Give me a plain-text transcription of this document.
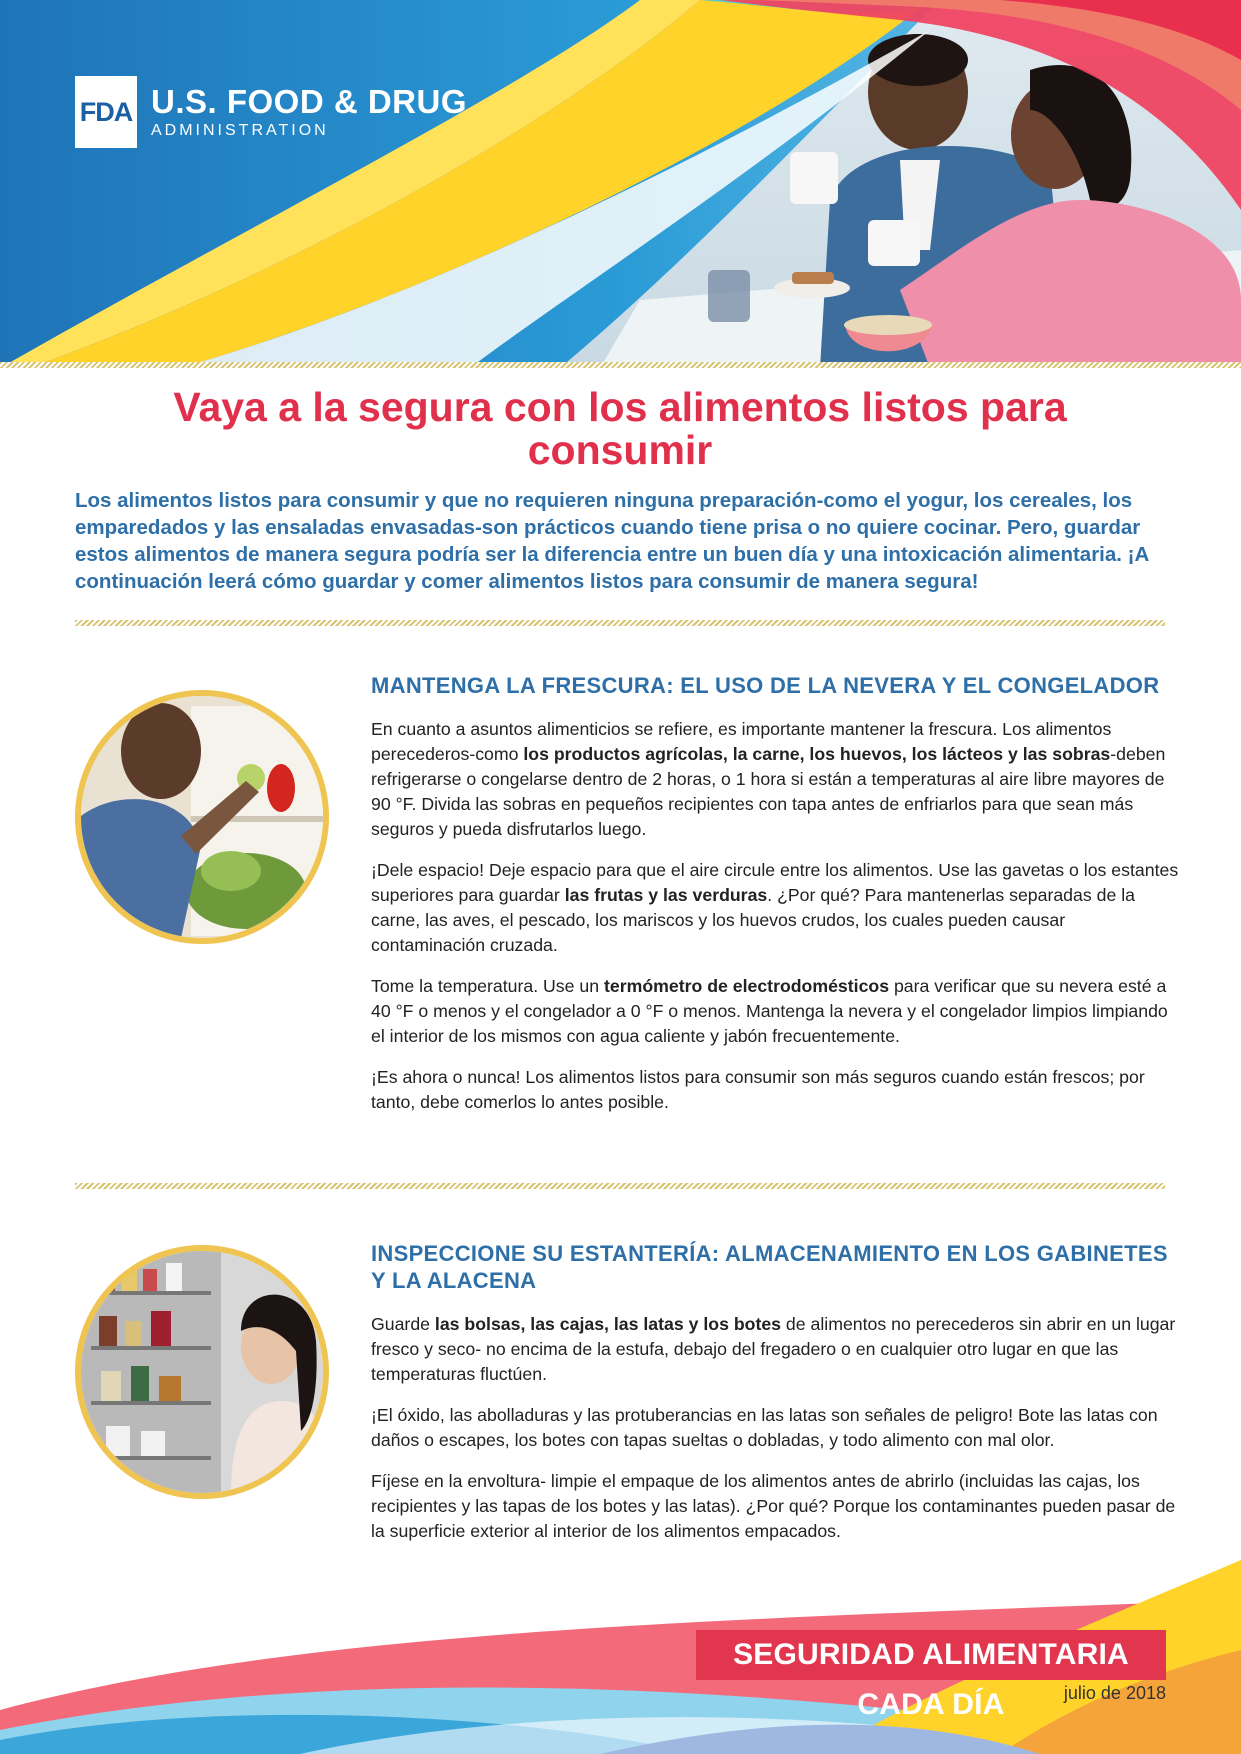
FDA U.S. FOOD & DRUG
ADMINISTRATION
Vaya a la segura con los alimentos listos para consumir

Los alimentos listos para consumir y que no requieren ninguna preparación-como el yogur, los cereales, los emparedados y las ensaladas envasadas-son prácticos cuando tiene prisa o no quiere cocinar. Pero, guardar estos alimentos de manera segura podría ser la diferencia entre un buen día y una intoxicación alimentaria. ¡A continuación leerá cómo guardar y comer alimentos listos para consumir de manera segura!

MANTENGA LA FRESCURA: EL USO DE LA NEVERA Y EL CONGELADOR

En cuanto a asuntos alimenticios se refiere, es importante mantener la frescura. Los alimentos perecederos-como los productos agrícolas, la carne, los huevos, los lácteos y las sobras-deben refrigerarse o congelarse dentro de 2 horas, o 1 hora si están a temperaturas al aire libre mayores de 90 °F. Divida las sobras en pequeños recipientes con tapa antes de enfriarlos para que sean más seguros y pueda disfrutarlos luego.

¡Dele espacio! Deje espacio para que el aire circule entre los alimentos. Use las gavetas o los estantes superiores para guardar las frutas y las verduras. ¿Por qué? Para mantenerlas separadas de la carne, las aves, el pescado, los mariscos y los huevos crudos, los cuales pueden causar contaminación cruzada.

Tome la temperatura. Use un termómetro de electrodomésticos para verificar que su nevera esté a 40 °F o menos y el congelador a 0 °F o menos. Mantenga la nevera y el congelador limpios limpiando el interior de los mismos con agua caliente y jabón frecuentemente.

¡Es ahora o nunca! Los alimentos listos para consumir son más seguros cuando están frescos; por tanto, debe comerlos lo antes posible.

INSPECCIONE SU ESTANTERÍA: ALMACENAMIENTO EN LOS GABINETES Y LA ALACENA

Guarde las bolsas, las cajas, las latas y los botes de alimentos no perecederos sin abrir en un lugar fresco y seco- no encima de la estufa, debajo del fregadero o en cualquier otro lugar en que las temperaturas fluctúen.

¡El óxido, las abolladuras y las protuberancias en las latas son señales de peligro! Bote las latas con daños o escapes, los botes con tapas sueltas o dobladas, y todo alimento con mal olor.

Fíjese en la envoltura- limpie el empaque de los alimentos antes de abrirlo (incluidas las cajas, los recipientes y las tapas de los botes y las latas). ¿Por qué? Porque los contaminantes pueden pasar de la superficie exterior al interior de los alimentos empacados.

SEGURIDAD ALIMENTARIA CADA DÍA	julio de 2018
